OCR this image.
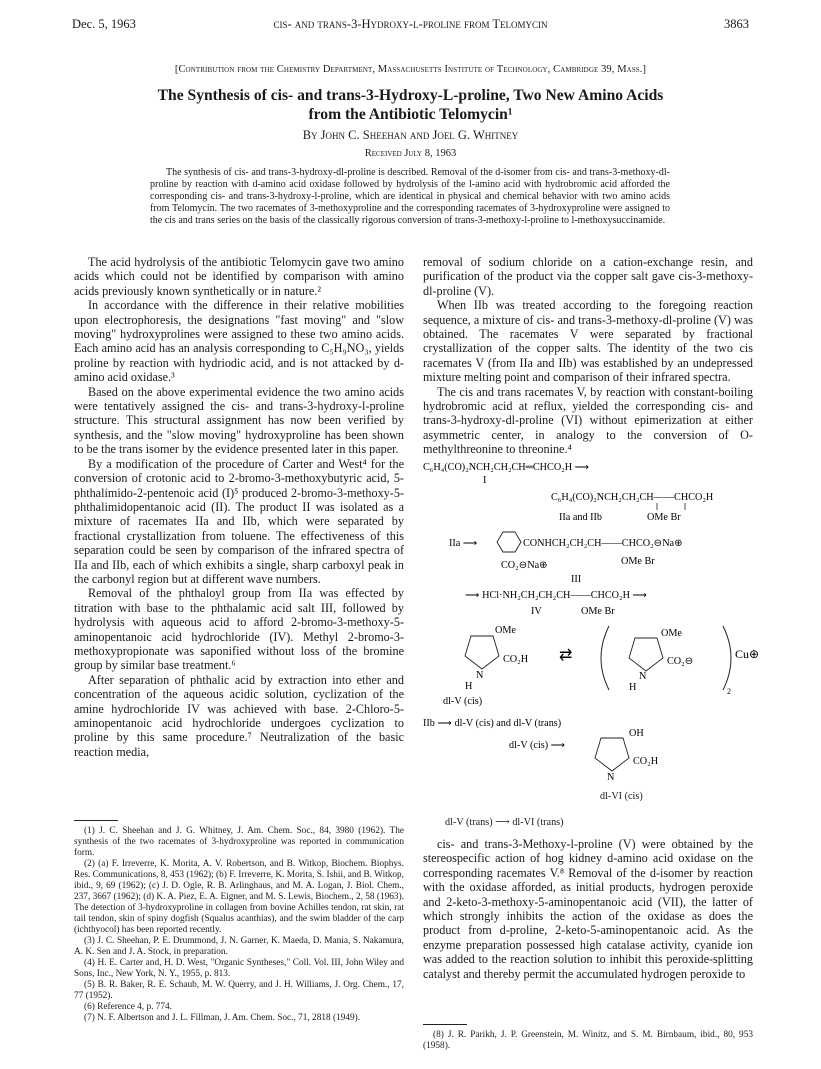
Dec. 5, 1963	cis- and trans-3-Hydroxy-l-proline from Telomycin	3863
[Contribution from the Chemistry Department, Massachusetts Institute of Technology, Cambridge 39, Mass.]
The Synthesis of cis- and trans-3-Hydroxy-L-proline, Two New Amino Acids
from the Antibiotic Telomycin¹
By John C. Sheehan and Joel G. Whitney
Received July 8, 1963
The synthesis of cis- and trans-3-hydroxy-dl-proline is described. Removal of the d-isomer from cis- and trans-3-methoxy-dl-proline by reaction with d-amino acid oxidase followed by hydrolysis of the l-amino acid with hydrobromic acid afforded the corresponding cis- and trans-3-hydroxy-l-proline, which are identical in physical and chemical behavior with two amino acids from Telomycin. The two racemates of 3-methoxyproline and the corresponding racemates of 3-hydroxyproline were assigned to the cis and trans series on the basis of the classically rigorous conversion of trans-3-methoxy-l-proline to l-methoxysuccinamide.

The acid hydrolysis of the antibiotic Telomycin gave two amino acids which could not be identified by comparison with amino acids previously known synthetically or in nature.²

In accordance with the difference in their relative mobilities upon electrophoresis, the designations "fast moving" and "slow moving" hydroxyprolines were assigned to these two amino acids. Each amino acid has an analysis corresponding to C₅H₉NO₃, yields proline by reaction with hydriodic acid, and is not attacked by d-amino acid oxidase.³

Based on the above experimental evidence the two amino acids were tentatively assigned the cis- and trans-3-hydroxy-l-proline structure. This structural assignment has now been verified by synthesis, and the "slow moving" hydroxyproline has been shown to be the trans isomer by the evidence presented later in this paper.

By a modification of the procedure of Carter and West⁴ for the conversion of crotonic acid to 2-bromo-3-methoxybutyric acid, 5-phthalimido-2-pentenoic acid (I)⁵ produced 2-bromo-3-methoxy-5-phthalimidopentanoic acid (II). The product II was isolated as a mixture of racemates IIa and IIb, which were separated by fractional crystallization from toluene. The effectiveness of this separation could be seen by comparison of the infrared spectra of IIa and IIb, each of which exhibits a single, sharp carboxyl peak in the carbonyl region but at different wave numbers.

Removal of the phthaloyl group from IIa was effected by titration with base to the phthalamic acid salt III, followed by hydrolysis with aqueous acid to afford 2-bromo-3-methoxy-5-aminopentanoic acid hydrochloride (IV). Methyl 2-bromo-3-methoxypropionate was saponified without loss of the bromine group by similar base treatment.⁶

After separation of phthalic acid by extraction into ether and concentration of the aqueous acidic solution, cyclization of the amine hydrochloride IV was achieved with base. 2-Chloro-5-aminopentanoic acid hydrochloride undergoes cyclization to proline by this same procedure.⁷ Neutralization of the basic reaction media,

removal of sodium chloride on a cation-exchange resin, and purification of the product via the copper salt gave cis-3-methoxy-dl-proline (V).

When IIb was treated according to the foregoing reaction sequence, a mixture of cis- and trans-3-methoxy-dl-proline (V) was obtained. The racemates V were separated by fractional crystallization of the copper salts. The identity of the two cis racemates V (from IIa and IIb) was established by an undepressed mixture melting point and comparison of their infrared spectra.

The cis and trans racemates V, by reaction with constant-boiling hydrobromic acid at reflux, yielded the corresponding cis- and trans-3-hydroxy-dl-proline (VI) without epimerization at either asymmetric center, in analogy to the conversion of O-methylthreonine to threonine.⁴

C₆H₄(CO)₂NCH₂CH₂CH═CHCO₂H ⟶
I
C₆H₄(CO)₂NCH₂CH₂CH——CHCO₂H
OMe Br
IIa and IIb
IIa ⟶	CONHCH₂CH₂CH——CHCO₂⊖Na⊕
CO₂⊖Na⊕	OMe Br
III
⟶ HCl·NH₂CH₂CH₂CH——CHCO₂H ⟶
IV	OMe Br
OMe
CO₂H
N
H
dl-V (cis)
⇄
OMe
CO₂⊖
N
H	2
Cu⊕
IIb ⟶ dl-V (cis) and dl-V (trans)
dl-V (cis) ⟶
OH
CO₂H
N
dl-VI (cis)
dl-V (trans) ⟶ dl-VI (trans)

cis- and trans-3-Methoxy-l-proline (V) were obtained by the stereospecific action of hog kidney d-amino acid oxidase on the corresponding racemates V.⁸ Removal of the d-isomer by reaction with the oxidase afforded, as initial products, hydrogen peroxide and 2-keto-3-methoxy-5-aminopentanoic acid (VII), the latter of which strongly inhibits the action of the oxidase as does the product from d-proline, 2-keto-5-aminopentanoic acid. As the enzyme preparation possessed high catalase activity, cyanide ion was added to the reaction solution to inhibit this peroxide-splitting catalyst and thereby permit the accumulated hydrogen peroxide to

(1) J. C. Sheehan and J. G. Whitney, J. Am. Chem. Soc., 84, 3980 (1962). The synthesis of the two racemates of 3-hydroxyproline was reported in communication form.

(2) (a) F. Irreverre, K. Morita, A. V. Robertson, and B. Witkop, Biochem. Biophys. Res. Communications, 8, 453 (1962); (b) F. Irreverre, K. Morita, S. Ishii, and B. Witkop, ibid., 9, 69 (1962); (c) J. D. Ogle, R. B. Arlinghaus, and M. A. Logan, J. Biol. Chem., 237, 3667 (1962); (d) K. A. Piez, E. A. Eigner, and M. S. Lewis, Biochem., 2, 58 (1963). The detection of 3-hydroxyproline in collagen from bovine Achilles tendon, rat skin, rat tail tendon, skin of spiny dogfish (Squalus acanthias), and the swim bladder of the carp (ichthyocol) has been reported recently.

(3) J. C. Sheehan, P. E. Drummond, J. N. Garner, K. Maeda, D. Mania, S. Nakamura, A. K. Sen and J. A. Stock, in preparation.

(4) H. E. Carter and, H. D. West, "Organic Syntheses," Coll. Vol. III, John Wiley and Sons, Inc., New York, N. Y., 1955, p. 813.

(5) B. R. Baker, R. E. Schaub, M. W. Querry, and J. H. Williams, J. Org. Chem., 17, 77 (1952).

(6) Reference 4, p. 774.

(7) N. F. Albertson and J. L. Fillman, J. Am. Chem. Soc., 71, 2818 (1949).

(8) J. R. Parikh, J. P. Greenstein, M. Winitz, and S. M. Birnbaum, ibid., 80, 953 (1958).
